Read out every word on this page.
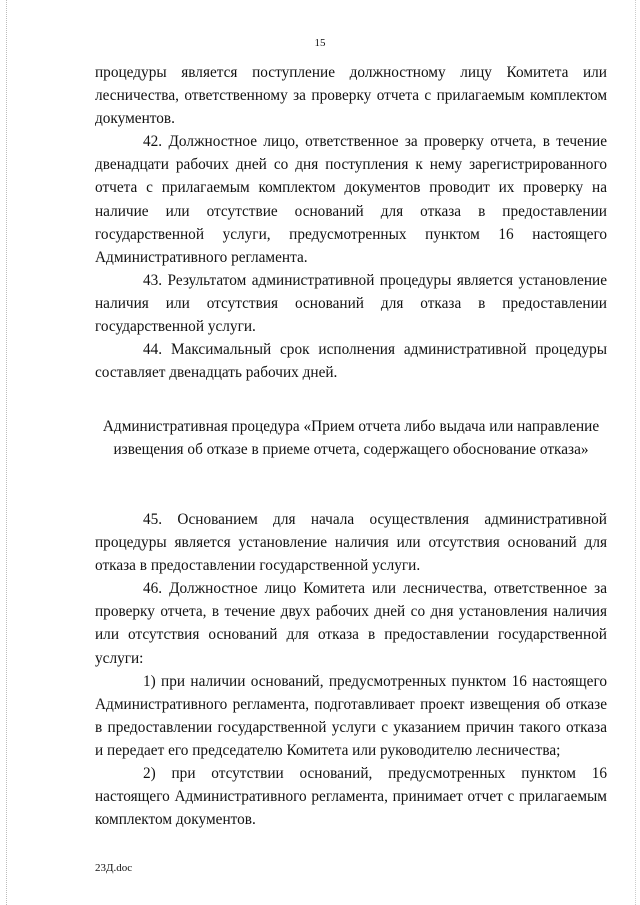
15

процедуры является поступление должностному лицу Комитета или лесничества, ответственному за проверку отчета с прилагаемым комплектом документов.

42. Должностное лицо, ответственное за проверку отчета, в течение двенадцати рабочих дней со дня поступления к нему зарегистрированного отчета с прилагаемым комплектом документов проводит их проверку на наличие или отсутствие оснований для отказа в предоставлении государственной услуги, предусмотренных пунктом 16 настоящего Административного регламента.

43. Результатом административной процедуры является установление наличия или отсутствия оснований для отказа в предоставлении государственной услуги.

44. Максимальный срок исполнения административной процедуры составляет двенадцать рабочих дней.

Административная процедура «Прием отчета либо выдача или направление извещения об отказе в приеме отчета, содержащего обоснование отказа»

45. Основанием для начала осуществления административной процедуры является установление наличия или отсутствия оснований для отказа в предоставлении государственной услуги.

46. Должностное лицо Комитета или лесничества, ответственное за проверку отчета, в течение двух рабочих дней со дня установления наличия или отсутствия оснований для отказа в предоставлении государственной услуги:

1) при наличии оснований, предусмотренных пунктом 16 настоящего Административного регламента, подготавливает проект извещения об отказе в предоставлении государственной услуги с указанием причин такого отказа и передает его председателю Комитета или руководителю лесничества;

2) при отсутствии оснований, предусмотренных пунктом 16 настоящего Административного регламента, принимает отчет с прилагаемым комплектом документов.

23Д.doc
